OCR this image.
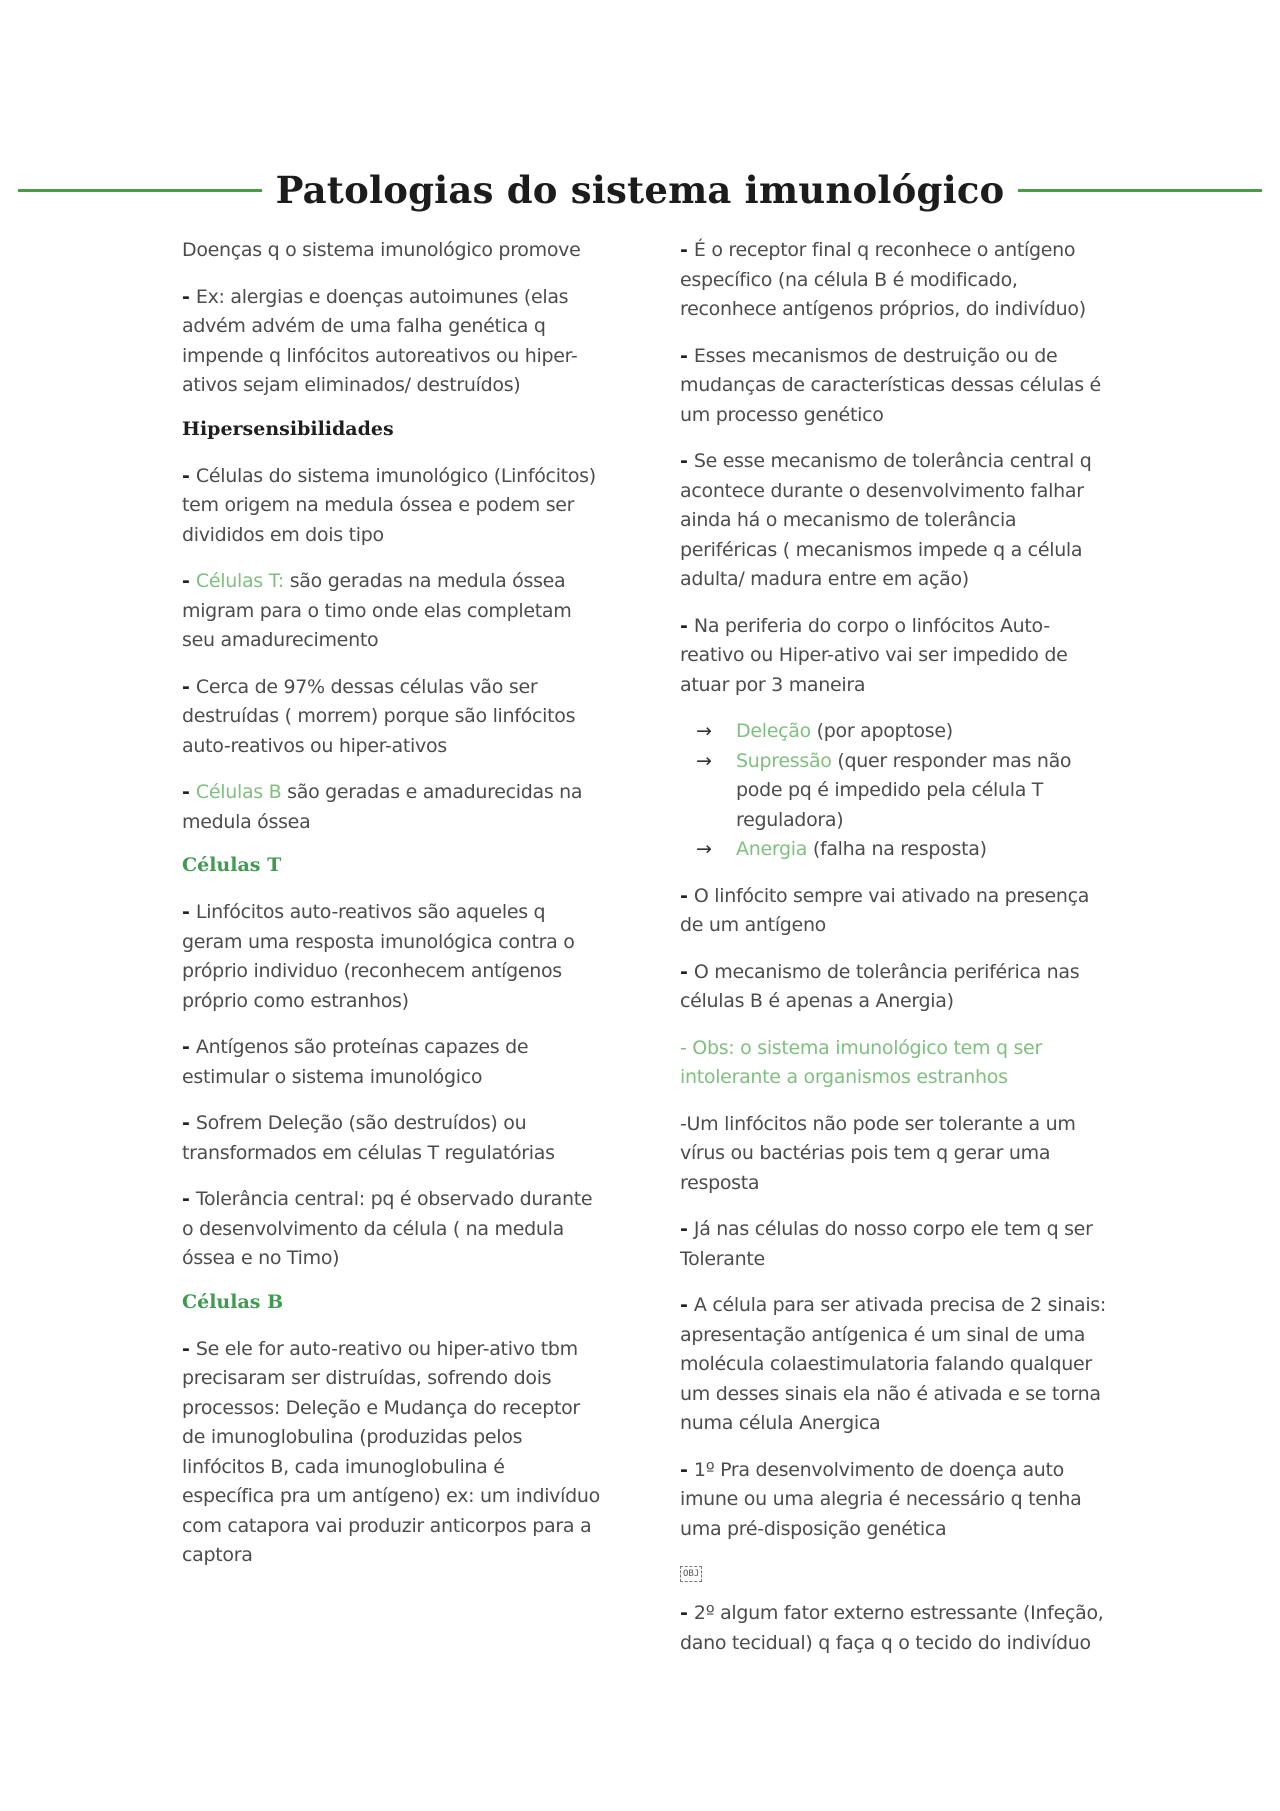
Patologias do sistema imunológico

Doenças q o sistema imunológico promove

- Ex: alergias e doenças autoimunes (elas advém advém de uma falha genética q impende q linfócitos autoreativos ou hiper-ativos sejam eliminados/ destruídos)

Hipersensibilidades

- Células do sistema imunológico (Linfócitos) tem origem na medula óssea e podem ser divididos em dois tipo

- Células T: são geradas na medula óssea migram para o timo onde elas completam seu amadurecimento

- Cerca de 97% dessas células vão ser destruídas ( morrem) porque são linfócitos auto-reativos ou hiper-ativos

- Células B são geradas e amadurecidas na medula óssea

Células T

- Linfócitos auto-reativos são aqueles q geram uma resposta imunológica contra o próprio individuo (reconhecem antígenos próprio como estranhos)

- Antígenos são proteínas capazes de estimular o sistema imunológico

- Sofrem Deleção (são destruídos) ou transformados em células T regulatórias

- Tolerância central: pq é observado durante o desenvolvimento da célula ( na medula óssea e no Timo)

Células B

- Se ele for auto-reativo ou hiper-ativo tbm precisaram ser distruídas, sofrendo dois processos: Deleção e Mudança do receptor de imunoglobulina (produzidas pelos linfócitos B, cada imunoglobulina é específica pra um antígeno) ex: um indivíduo com catapora vai produzir anticorpos para a captora

- É o receptor final q reconhece o antígeno específico (na célula B é modificado, reconhece antígenos próprios, do indivíduo)

- Esses mecanismos de destruição ou de mudanças de características dessas células é um processo genético

- Se esse mecanismo de tolerância central q acontece durante o desenvolvimento falhar ainda há o mecanismo de tolerância periféricas ( mecanismos impede q a célula adulta/ madura entre em ação)

- Na periferia do corpo o linfócitos Auto-reativo ou Hiper-ativo vai ser impedido de atuar por 3 maneira

→	Deleção (por apoptose)
→	Supressão (quer responder mas não pode pq é impedido pela célula T reguladora)
→	Anergia (falha na resposta)

- O linfócito sempre vai ativado na presença de um antígeno

- O mecanismo de tolerância periférica nas células B é apenas a Anergia)

- Obs: o sistema imunológico tem q ser intolerante a organismos estranhos

-Um linfócitos não pode ser tolerante a um vírus ou bactérias pois tem q gerar uma resposta

- Já nas células do nosso corpo ele tem q ser Tolerante

- A célula para ser ativada precisa de 2 sinais: apresentação antígenica é um sinal de uma molécula colaestimulatoria falando qualquer um desses sinais ela não é ativada e se torna numa célula Anergica

- 1º Pra desenvolvimento de doença auto imune ou uma alegria é necessário q tenha uma pré-disposição genética

OBJ

- 2º algum fator externo estressante (Infeção, dano tecidual) q faça q o tecido do indivíduo
